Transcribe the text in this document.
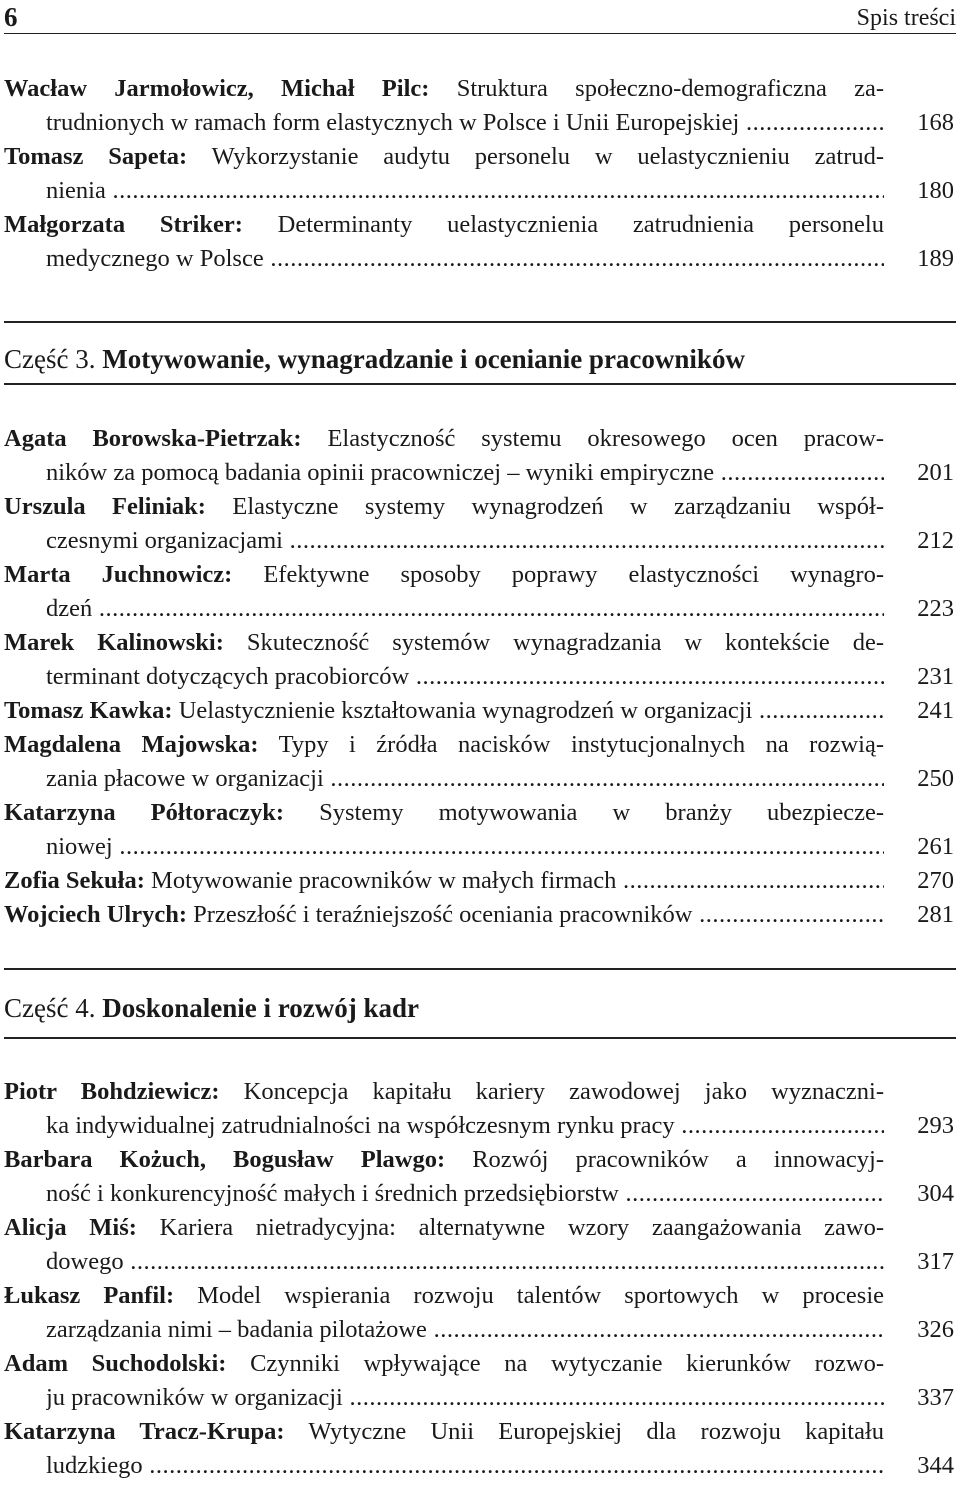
6	Spis treści
Wacław Jarmołowicz, Michał Pilc: Struktura społeczno-demograficzna za-
168
trudnionych w ramach form elastycznych w Polsce i Unii Europejskiej .....
Tomasz Sapeta: Wykorzystanie audytu personelu w uelastycznieniu zatrud-
180
nienia .....
Małgorzata Striker: Determinanty uelastycznienia zatrudnienia personelu
189
medycznego w Polsce .....
Część 3. Motywowanie, wynagradzanie i ocenianie pracowników
Agata Borowska-Pietrzak: Elastyczność systemu okresowego ocen pracow-
201
ników za pomocą badania opinii pracowniczej – wyniki empiryczne .....
Urszula Feliniak: Elastyczne systemy wynagrodzeń w zarządzaniu współ-
212
czesnymi organizacjami .....
Marta Juchnowicz: Efektywne sposoby poprawy elastyczności wynagro-
223
dzeń .....
Marek Kalinowski: Skuteczność systemów wynagradzania w kontekście de-
231
terminant dotyczących pracobiorców .....
241
Tomasz Kawka: Uelastycznienie kształtowania wynagrodzeń w organizacji .....
Magdalena Majowska: Typy i źródła nacisków instytucjonalnych na rozwią-
250
zania płacowe w organizacji .....
Katarzyna Półtoraczyk: Systemy motywowania w branży ubezpiecze-
261
niowej .....
270
Zofia Sekuła: Motywowanie pracowników w małych firmach .....
281
Wojciech Ulrych: Przeszłość i teraźniejszość oceniania pracowników .....
Część 4. Doskonalenie i rozwój kadr
Piotr Bohdziewicz: Koncepcja kapitału kariery zawodowej jako wyznaczni-
293
ka indywidualnej zatrudnialności na współczesnym rynku pracy .....
Barbara Kożuch, Bogusław Plawgo: Rozwój pracowników a innowacyj-
304
ność i konkurencyjność małych i średnich przedsiębiorstw .....
Alicja Miś: Kariera nietradycyjna: alternatywne wzory zaangażowania zawo-
317
dowego .....
Łukasz Panfil: Model wspierania rozwoju talentów sportowych w procesie
326
zarządzania nimi – badania pilotażowe .....
Adam Suchodolski: Czynniki wpływające na wytyczanie kierunków rozwo-
337
ju pracowników w organizacji .....
Katarzyna Tracz-Krupa: Wytyczne Unii Europejskiej dla rozwoju kapitału
344
ludzkiego .....
